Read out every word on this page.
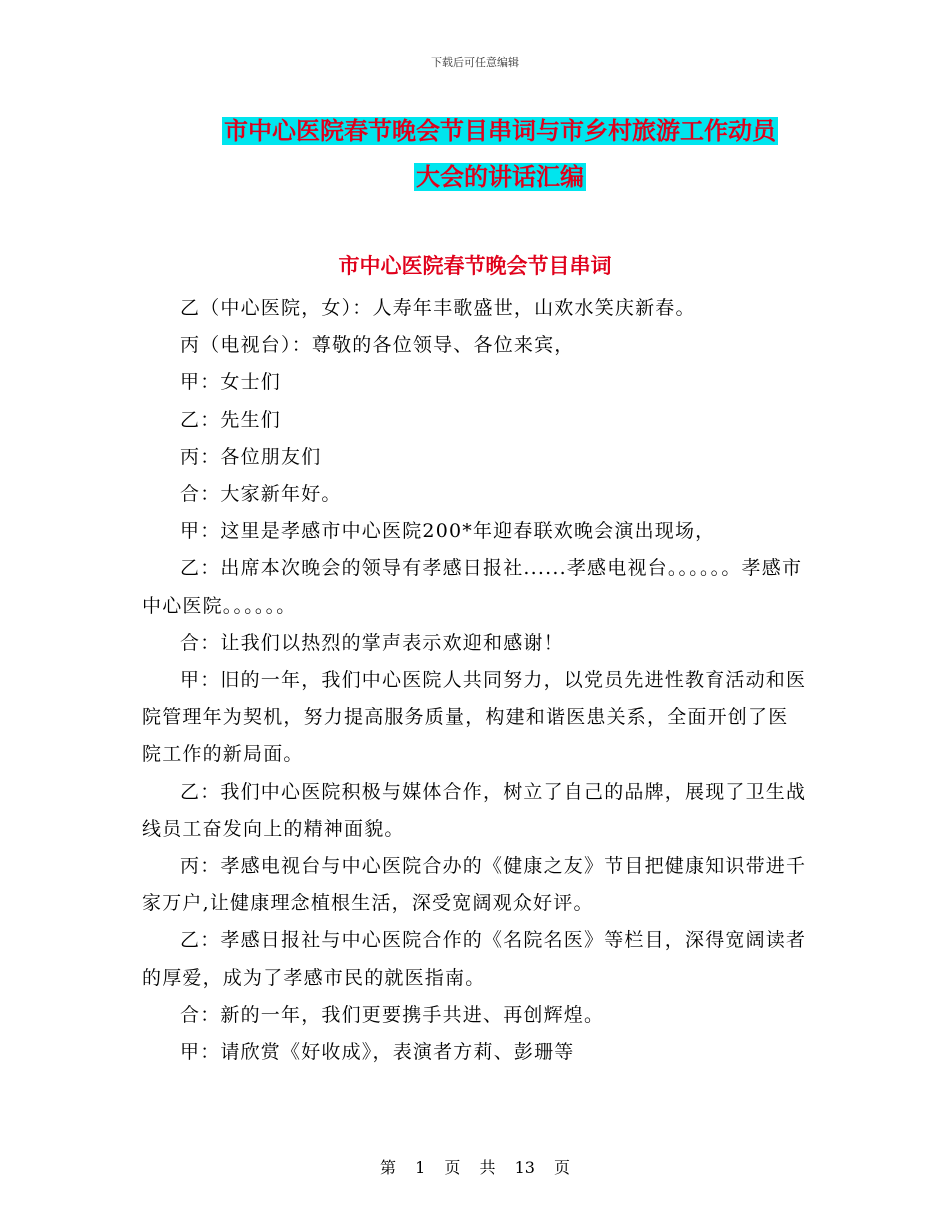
下载后可任意编辑
市中心医院春节晚会节目串词与市乡村旅游工作动员
大会的讲话汇编
市中心医院春节晚会节目串词

乙（中心医院，女）：人寿年丰歌盛世，山欢水笑庆新春。

丙（电视台）：尊敬的各位领导、各位来宾，

甲：女士们

乙：先生们

丙：各位朋友们

合：大家新年好。

甲：这里是孝感市中心医院200*年迎春联欢晚会演出现场，

乙：出席本次晚会的领导有孝感日报社......孝感电视台。。。。。。孝感市中心医院。。。。。。

合：让我们以热烈的掌声表示欢迎和感谢！

甲：旧的一年，我们中心医院人共同努力，以党员先进性教育活动和医院管理年为契机，努力提高服务质量，构建和谐医患关系，全面开创了医院工作的新局面。

乙：我们中心医院积极与媒体合作，树立了自己的品牌，展现了卫生战线员工奋发向上的精神面貌。

丙：孝感电视台与中心医院合办的《健康之友》节目把健康知识带进千家万户,让健康理念植根生活，深受宽阔观众好评。

乙：孝感日报社与中心医院合作的《名院名医》等栏目，深得宽阔读者的厚爱，成为了孝感市民的就医指南。

合：新的一年，我们更要携手共进、再创辉煌。

甲：请欣赏《好收成》，表演者方莉、彭珊等

第 1 页 共 13 页
